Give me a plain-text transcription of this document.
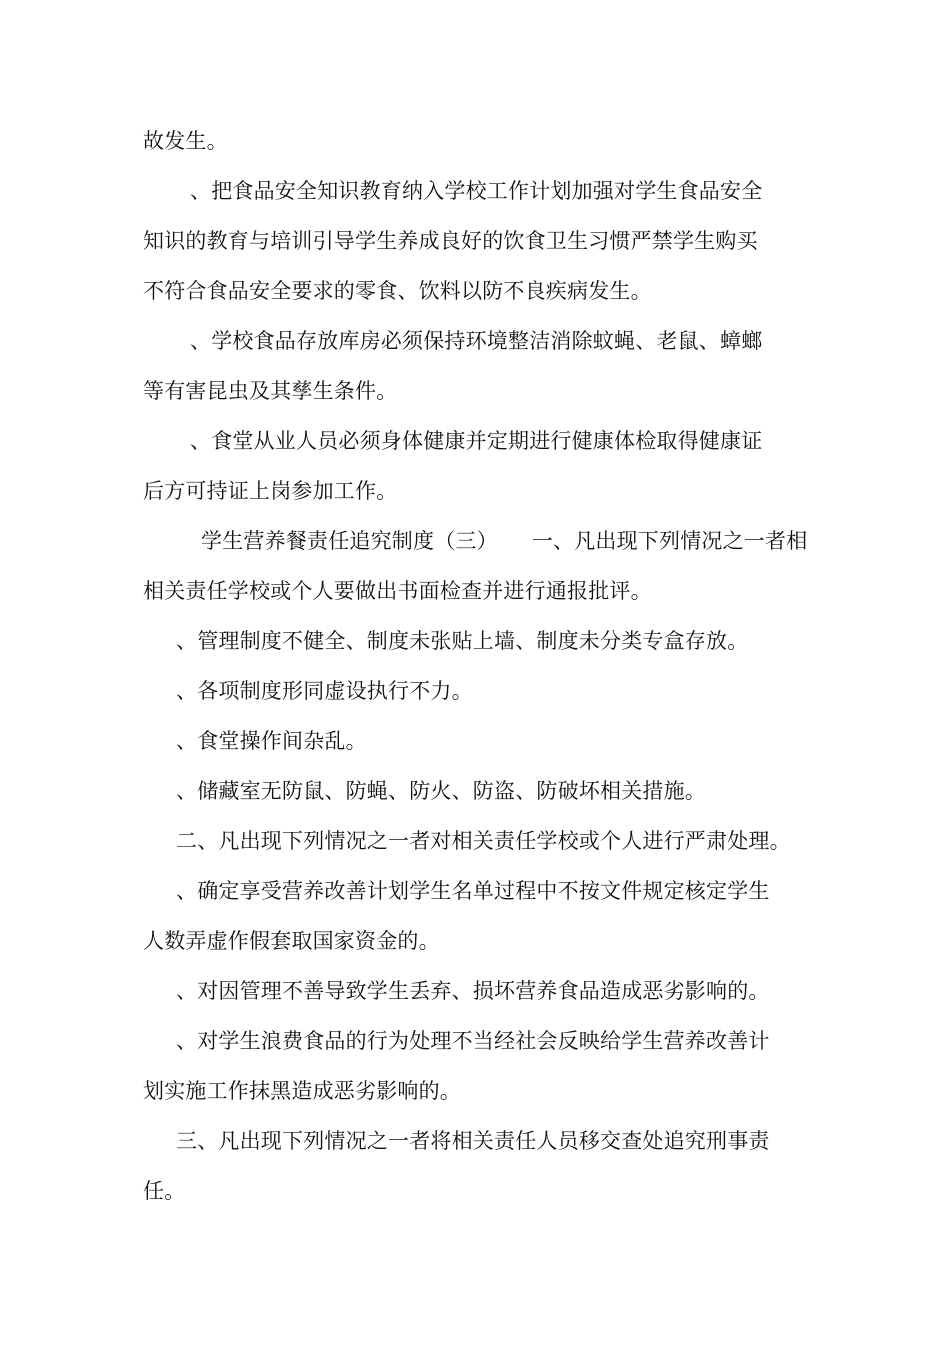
故发生。
、把食品安全知识教育纳入学校工作计划加强对学生食品安全
知识的教育与培训引导学生养成良好的饮食卫生习惯严禁学生购买
不符合食品安全要求的零食、饮料以防不良疾病发生。
、学校食品存放库房必须保持环境整洁消除蚊蝇、老鼠、蟑螂
等有害昆虫及其孳生条件。
、食堂从业人员必须身体健康并定期进行健康体检取得健康证
后方可持证上岗参加工作。
学生营养餐责任追究制度（三） 一、凡出现下列情况之一者相
相关责任学校或个人要做出书面检查并进行通报批评。
、管理制度不健全、制度未张贴上墙、制度未分类专盒存放。
、各项制度形同虚设执行不力。
、食堂操作间杂乱。
、储藏室无防鼠、防蝇、防火、防盗、防破坏相关措施。
二、凡出现下列情况之一者对相关责任学校或个人进行严肃处理。
、确定享受营养改善计划学生名单过程中不按文件规定核定学生
人数弄虚作假套取国家资金的。
、对因管理不善导致学生丢弃、损坏营养食品造成恶劣影响的。
、对学生浪费食品的行为处理不当经社会反映给学生营养改善计
划实施工作抹黑造成恶劣影响的。
三、凡出现下列情况之一者将相关责任人员移交查处追究刑事责
任。
